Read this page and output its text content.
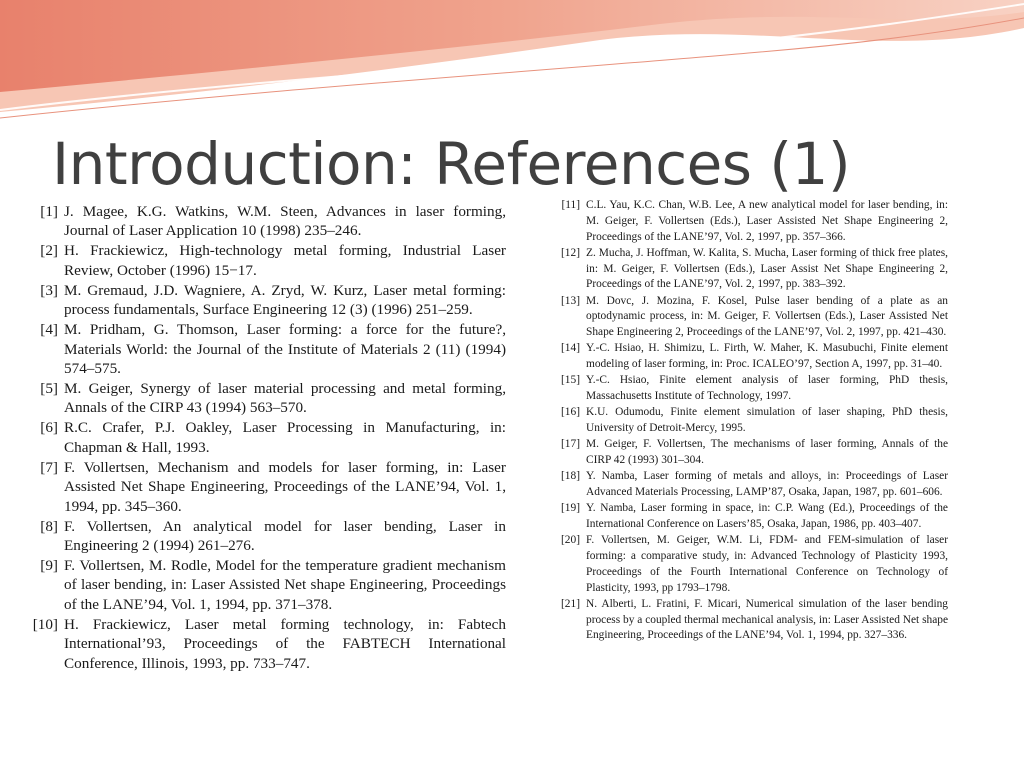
Introduction: References (1)
[1] J. Magee, K.G. Watkins, W.M. Steen, Advances in laser forming, Journal of Laser Application 10 (1998) 235–246.
[2] H. Frackiewicz, High-technology metal forming, Industrial Laser Review, October (1996) 15−17.
[3] M. Gremaud, J.D. Wagniere, A. Zryd, W. Kurz, Laser metal forming: process fundamentals, Surface Engineering 12 (3) (1996) 251–259.
[4] M. Pridham, G. Thomson, Laser forming: a force for the future?, Materials World: the Journal of the Institute of Materials 2 (11) (1994) 574–575.
[5] M. Geiger, Synergy of laser material processing and metal forming, Annals of the CIRP 43 (1994) 563–570.
[6] R.C. Crafer, P.J. Oakley, Laser Processing in Manufacturing, in: Chapman & Hall, 1993.
[7] F. Vollertsen, Mechanism and models for laser forming, in: Laser Assisted Net Shape Engineering, Proceedings of the LANE’94, Vol. 1, 1994, pp. 345–360.
[8] F. Vollertsen, An analytical model for laser bending, Laser in Engineering 2 (1994) 261–276.
[9] F. Vollertsen, M. Rodle, Model for the temperature gradient mechanism of laser bending, in: Laser Assisted Net shape Engineering, Proceedings of the LANE’94, Vol. 1, 1994, pp. 371–378.
[10] H. Frackiewicz, Laser metal forming technology, in: Fabtech International’93, Proceedings of the FABTECH International Conference, Illinois, 1993, pp. 733–747.
[11] C.L. Yau, K.C. Chan, W.B. Lee, A new analytical model for laser bending, in: M. Geiger, F. Vollertsen (Eds.), Laser Assisted Net Shape Engineering 2, Proceedings of the LANE’97, Vol. 2, 1997, pp. 357–366.
[12] Z. Mucha, J. Hoffman, W. Kalita, S. Mucha, Laser forming of thick free plates, in: M. Geiger, F. Vollertsen (Eds.), Laser Assist Net Shape Engineering 2, Proceedings of the LANE’97, Vol. 2, 1997, pp. 383–392.
[13] M. Dovc, J. Mozina, F. Kosel, Pulse laser bending of a plate as an optodynamic process, in: M. Geiger, F. Vollertsen (Eds.), Laser Assisted Net Shape Engineering 2, Proceedings of the LANE’97, Vol. 2, 1997, pp. 421–430.
[14] Y.-C. Hsiao, H. Shimizu, L. Firth, W. Maher, K. Masubuchi, Finite element modeling of laser forming, in: Proc. ICALEO’97, Section A, 1997, pp. 31–40.
[15] Y.-C. Hsiao, Finite element analysis of laser forming, PhD thesis, Massachusetts Institute of Technology, 1997.
[16] K.U. Odumodu, Finite element simulation of laser shaping, PhD thesis, University of Detroit-Mercy, 1995.
[17] M. Geiger, F. Vollertsen, The mechanisms of laser forming, Annals of the CIRP 42 (1993) 301–304.
[18] Y. Namba, Laser forming of metals and alloys, in: Proceedings of Laser Advanced Materials Processing, LAMP’87, Osaka, Japan, 1987, pp. 601–606.
[19] Y. Namba, Laser forming in space, in: C.P. Wang (Ed.), Proceedings of the International Conference on Lasers’85, Osaka, Japan, 1986, pp. 403–407.
[20] F. Vollertsen, M. Geiger, W.M. Li, FDM- and FEM-simulation of laser forming: a comparative study, in: Advanced Technology of Plasticity 1993, Proceedings of the Fourth International Conference on Technology of Plasticity, 1993, pp 1793–1798.
[21] N. Alberti, L. Fratini, F. Micari, Numerical simulation of the laser bending process by a coupled thermal mechanical analysis, in: Laser Assisted Net shape Engineering, Proceedings of the LANE’94, Vol. 1, 1994, pp. 327–336.
